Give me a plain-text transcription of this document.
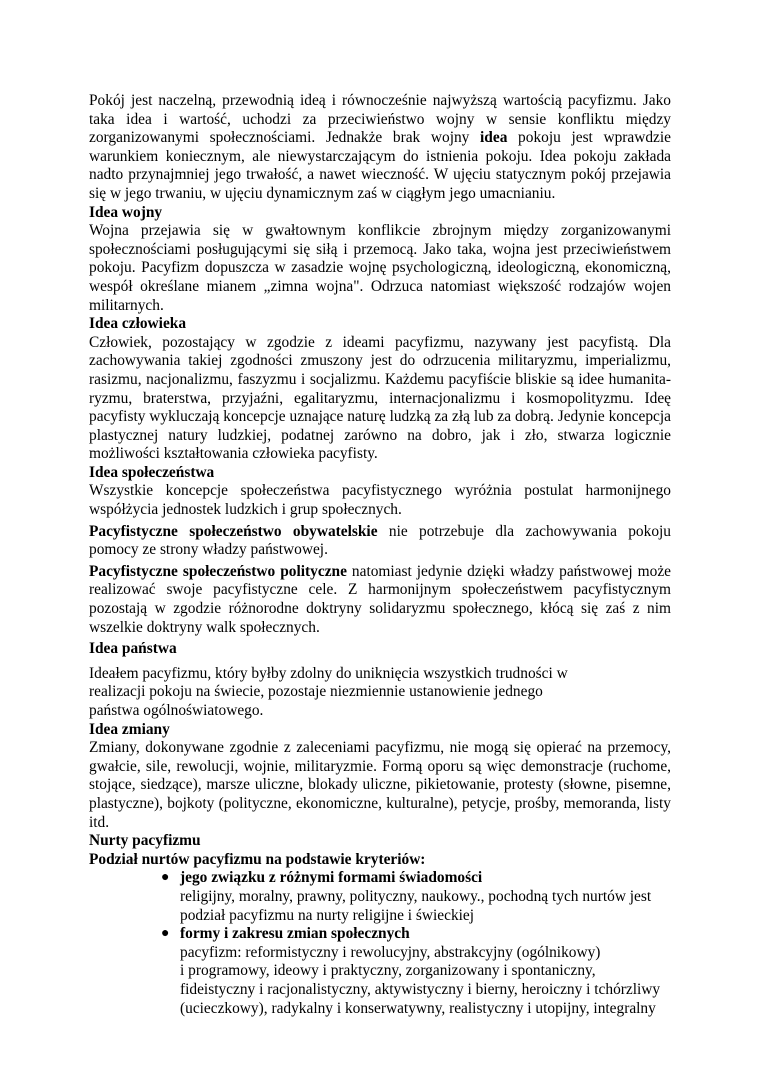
Pokój jest naczelną, przewodnią ideą i równocześnie najwyższą wartością pacyfizmu. Jako taka idea i wartość, uchodzi za przeciwieństwo wojny w sensie konfliktu między zorganizowanymi społecznościami. Jednakże brak wojny idea pokoju jest wprawdzie warunkiem koniecznym, ale niewystarczającym do istnienia pokoju. Idea pokoju zakłada nadto przynajmniej jego trwałość, a nawet wieczność. W ujęciu statycznym pokój przejawia się w jego trwaniu, w ujęciu dynamicznym zaś w ciągłym jego umacnianiu.

Idea wojny

Wojna przejawia się w gwałtownym konflikcie zbrojnym między zorganizowanymi społecznościami posługującymi się siłą i przemocą. Jako taka, wojna jest przeciwieństwem pokoju. Pacyfizm dopuszcza w zasadzie wojnę psychologiczną, ideologiczną, ekonomiczną, wespół określane mianem „zimna wojna". Odrzuca natomiast większość rodzajów wojen militarnych.

Idea człowieka

Człowiek, pozostający w zgodzie z ideami pacyfizmu, nazywany jest pacyfistą. Dla zachowywania takiej zgodności zmuszony jest do odrzucenia militaryzmu, imperializmu, rasizmu, nacjonalizmu, faszyzmu i socjalizmu. Każdemu pacyfiście bliskie są idee humanita-ryzmu, braterstwa, przyjaźni, egalitaryzmu, internacjonalizmu i kosmopolityzmu. Ideę pacyfisty wykluczają koncepcje uznające naturę ludzką za złą lub za dobrą. Jedynie koncepcja plastycznej natury ludzkiej, podatnej zarówno na dobro, jak i zło, stwarza logicznie możliwości kształtowania człowieka pacyfisty.

Idea społeczeństwa

Wszystkie koncepcje społeczeństwa pacyfistycznego wyróżnia postulat harmonijnego współżycia jednostek ludzkich i grup społecznych.

Pacyfistyczne społeczeństwo obywatelskie nie potrzebuje dla zachowywania pokoju pomocy ze strony władzy państwowej.

Pacyfistyczne społeczeństwo polityczne natomiast jedynie dzięki władzy państwowej może realizować swoje pacyfistyczne cele. Z harmonijnym społeczeństwem pacyfistycznym pozostają w zgodzie różnorodne doktryny solidaryzmu społecznego, kłócą się zaś z nim wszelkie doktryny walk społecznych.

Idea państwa

Ideałem pacyfizmu, który byłby zdolny do uniknięcia wszystkich trudności w
realizacji pokoju na świecie, pozostaje niezmiennie ustanowienie jednego
państwa ogólnoświatowego.

Idea zmiany

Zmiany, dokonywane zgodnie z zaleceniami pacyfizmu, nie mogą się opierać na przemocy, gwałcie, sile, rewolucji, wojnie, militaryzmie. Formą oporu są więc demonstracje (ruchome, stojące, siedzące), marsze uliczne, blokady uliczne, pikietowanie, protesty (słowne, pisemne, plastyczne), bojkoty (polityczne, ekonomiczne, kulturalne), petycje, prośby, memoranda, listy itd.

Nurty pacyfizmu
Podział nurtów pacyfizmu na podstawie kryteriów:
● jego związku z różnymi formami świadomości
religijny, moralny, prawny, polityczny, naukowy., pochodną tych nurtów jest
podział pacyfizmu na nurty religijne i świeckiej
● formy i zakresu zmian społecznych
pacyfizm: reformistyczny i rewolucyjny, abstrakcyjny (ogólnikowy)
i programowy, ideowy i praktyczny, zorganizowany i spontaniczny,
fideistyczny i racjonalistyczny, aktywistyczny i bierny, heroiczny i tchórzliwy
(ucieczkowy), radykalny i konserwatywny, realistyczny i utopijny, integralny
